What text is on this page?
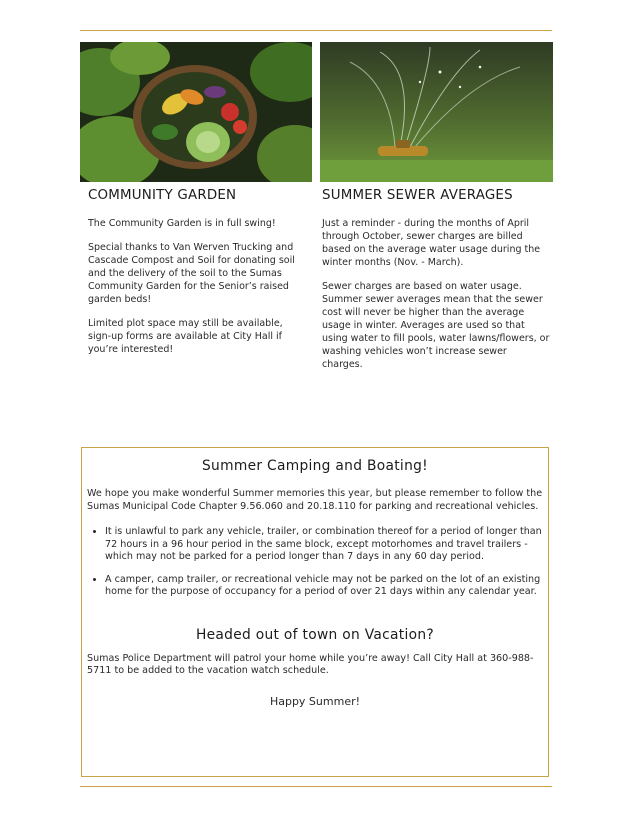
COMMUNITY GARDEN

The Community Garden is in full swing!

Special thanks to Van Werven Trucking and Cascade Compost and Soil for donating soil and the delivery of the soil to the Sumas Community Garden for the Senior’s raised garden beds!

Limited plot space may still be available, sign-up forms are available at City Hall if you’re interested!

SUMMER SEWER AVERAGES

Just a reminder - during the months of April through October, sewer charges are billed based on the average water usage during the winter months (Nov. - March).

Sewer charges are based on water usage. Summer sewer averages mean that the sewer cost will never be higher than the average usage in winter. Averages are used so that using water to fill pools, water lawns/flowers, or washing vehicles won’t increase sewer charges.

Summer Camping and Boating!

We hope you make wonderful Summer memories this year, but please remember to follow the Sumas Municipal Code Chapter 9.56.060 and 20.18.110 for parking and recreational vehicles.

• It is unlawful to park any vehicle, trailer, or combination thereof for a period of longer than 72 hours in a 96 hour period in the same block, except motorhomes and travel trailers - which may not be parked for a period longer than 7 days in any 60 day period.
• A camper, camp trailer, or recreational vehicle may not be parked on the lot of an existing home for the purpose of occupancy for a period of over 21 days within any calendar year.
Headed out of town on Vacation?

Sumas Police Department will patrol your home while you’re away! Call City Hall at 360-988-5711 to be added to the vacation watch schedule.

Happy Summer!
